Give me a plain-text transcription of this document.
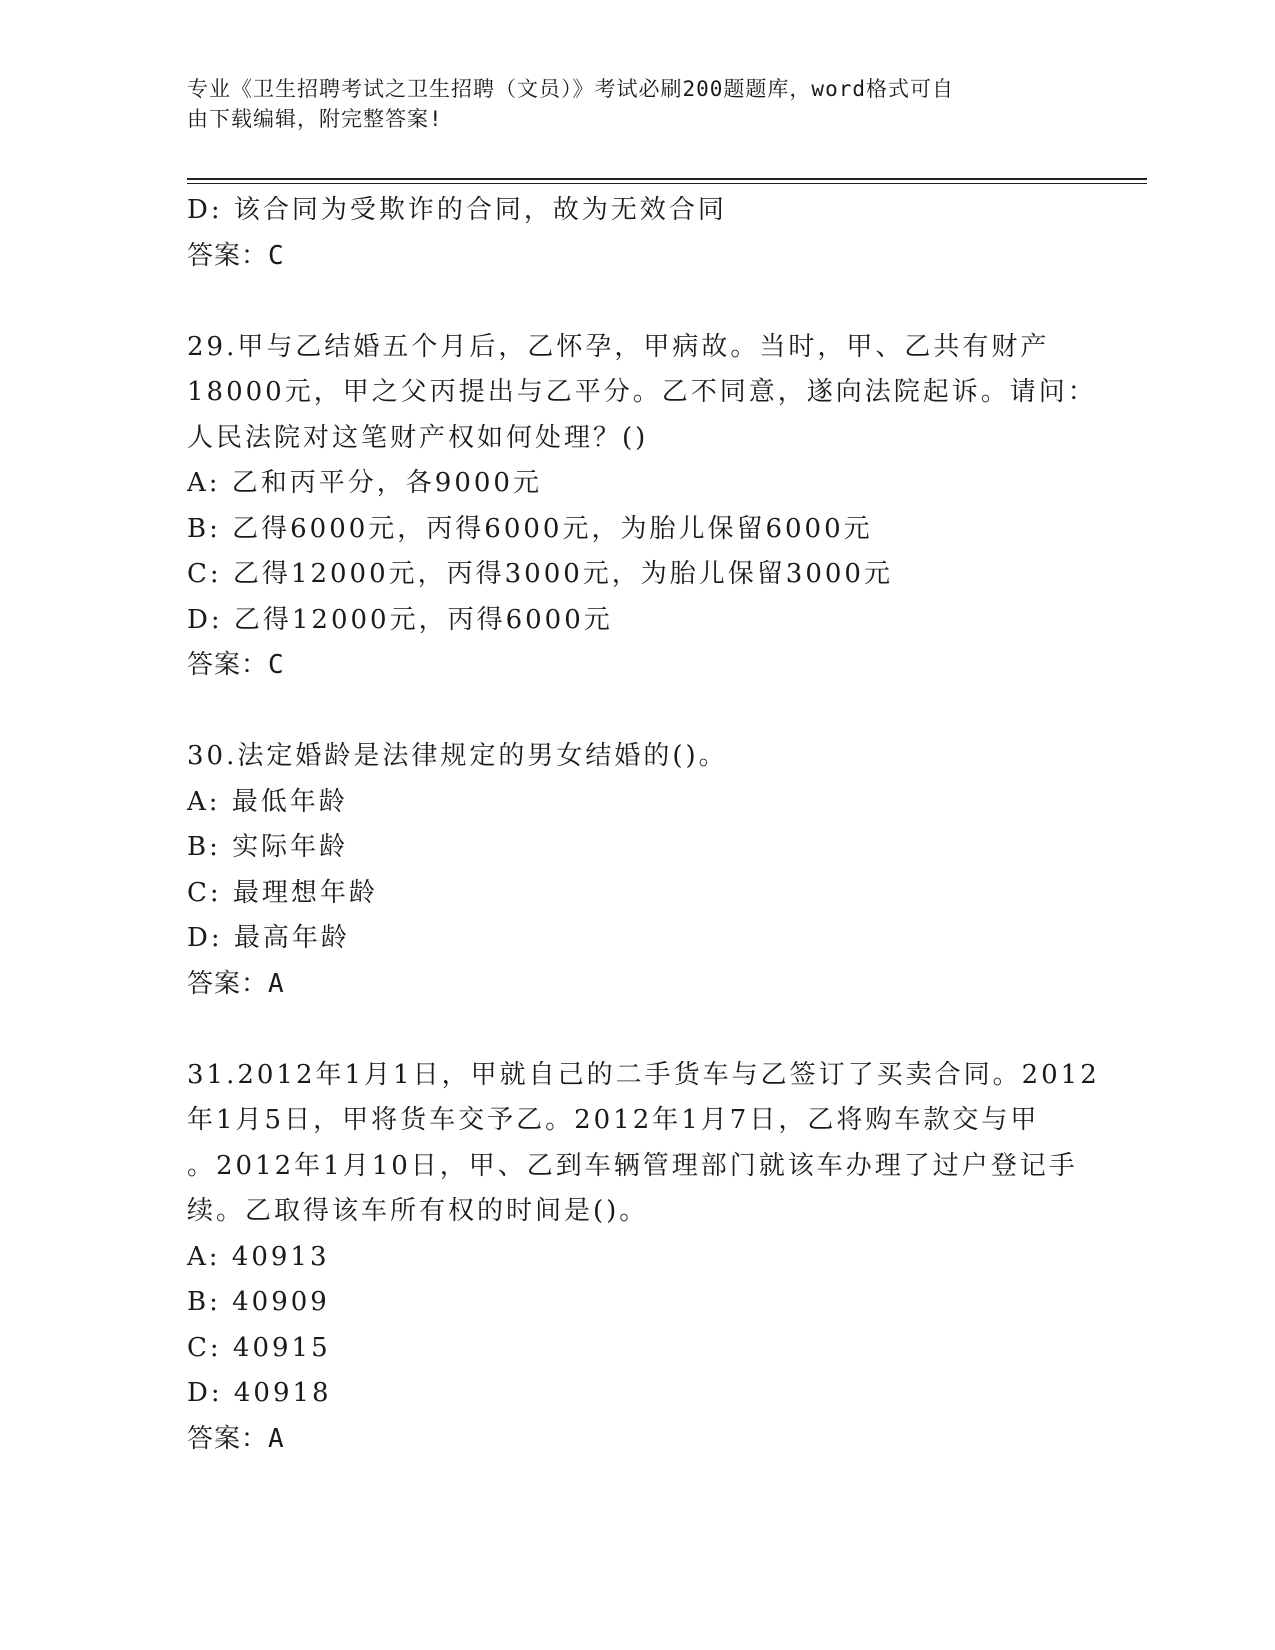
专业《卫生招聘考试之卫生招聘（文员）》考试必刷200题题库，word格式可自
由下载编辑，附完整答案!
D: 该合同为受欺诈的合同，故为无效合同
答案：C
29.甲与乙结婚五个月后，乙怀孕，甲病故。当时，甲、乙共有财产
18000元，甲之父丙提出与乙平分。乙不同意，遂向法院起诉。请问：
人民法院对这笔财产权如何处理？()
A: 乙和丙平分，各9000元
B: 乙得6000元，丙得6000元，为胎儿保留6000元
C: 乙得12000元，丙得3000元，为胎儿保留3000元
D: 乙得12000元，丙得6000元
答案：C
30.法定婚龄是法律规定的男女结婚的()。
A: 最低年龄
B: 实际年龄
C: 最理想年龄
D: 最高年龄
答案：A
31.2012年1月1日，甲就自己的二手货车与乙签订了买卖合同。2012
年1月5日，甲将货车交予乙。2012年1月7日，乙将购车款交与甲
。2012年1月10日，甲、乙到车辆管理部门就该车办理了过户登记手
续。乙取得该车所有权的时间是()。
A: 40913
B: 40909
C: 40915
D: 40918
答案：A
